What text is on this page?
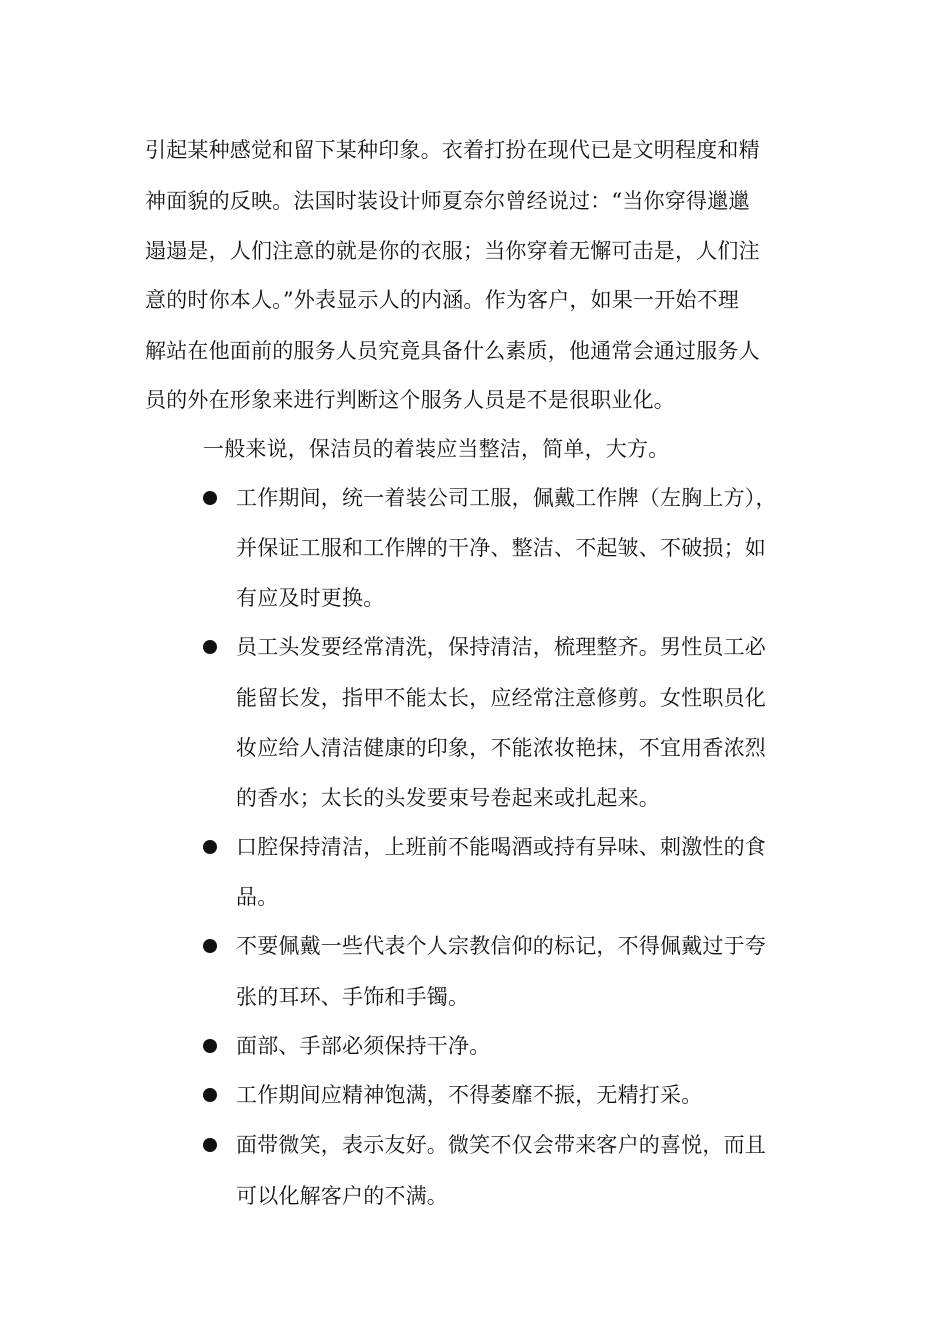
引起某种感觉和留下某种印象。衣着打扮在现代已是文明程度和精
神面貌的反映。法国时装设计师夏奈尔曾经说过：“当你穿得邋邋
遢遢是，人们注意的就是你的衣服；当你穿着无懈可击是，人们注
意的时你本人。”外表显示人的内涵。作为客户，如果一开始不理
解站在他面前的服务人员究竟具备什么素质，他通常会通过服务人
员的外在形象来进行判断这个服务人员是不是很职业化。
一般来说，保洁员的着装应当整洁，简单，大方。
工作期间，统一着装公司工服，佩戴工作牌（左胸上方），
并保证工服和工作牌的干净、整洁、不起皱、不破损；如
有应及时更换。
员工头发要经常清洗，保持清洁，梳理整齐。男性员工必
能留长发，指甲不能太长，应经常注意修剪。女性职员化
妆应给人清洁健康的印象，不能浓妆艳抹，不宜用香浓烈
的香水；太长的头发要束号卷起来或扎起来。
口腔保持清洁，上班前不能喝酒或持有异味、刺激性的食
品。
不要佩戴一些代表个人宗教信仰的标记，不得佩戴过于夸
张的耳环、手饰和手镯。
面部、手部必须保持干净。
工作期间应精神饱满，不得萎靡不振，无精打采。
面带微笑，表示友好。微笑不仅会带来客户的喜悦，而且
可以化解客户的不满。
